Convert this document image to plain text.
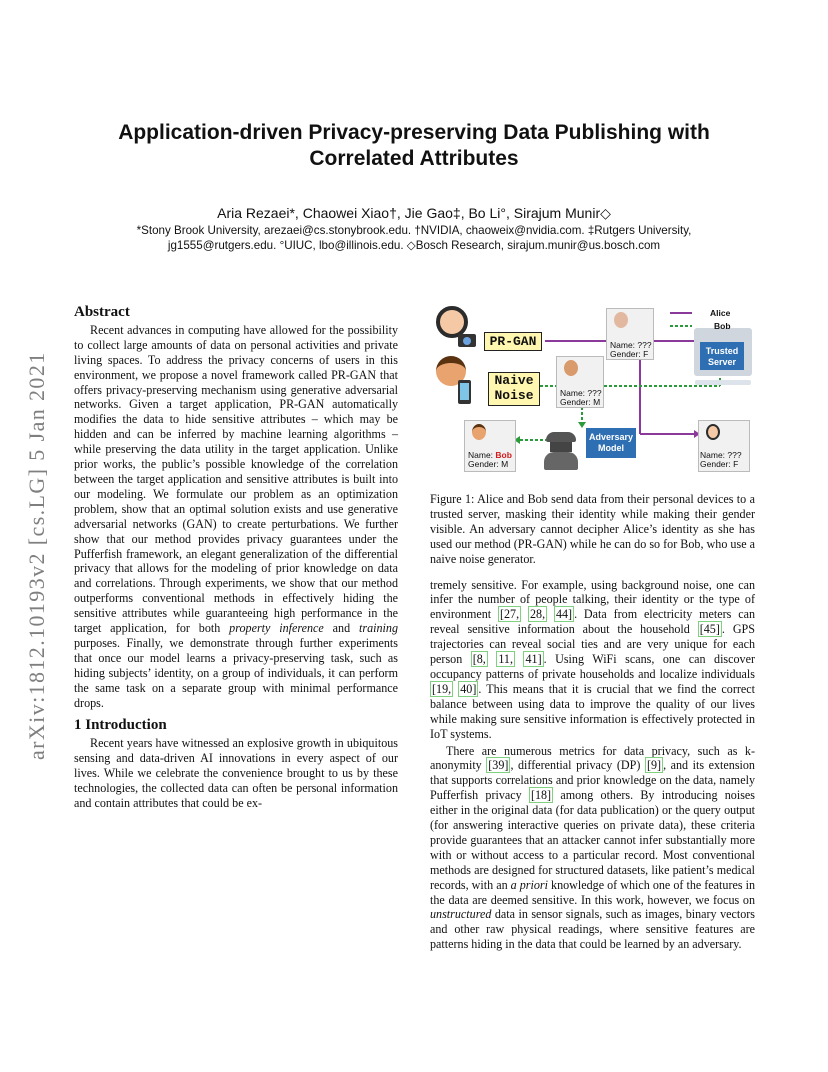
arXiv:1812.10193v2 [cs.LG] 5 Jan 2021
Application-driven Privacy-preserving Data Publishing with
Correlated Attributes
Aria Rezaei*, Chaowei Xiao†, Jie Gao‡, Bo Li°, Sirajum Munir◇
*Stony Brook University, arezaei@cs.stonybrook.edu. †NVIDIA, chaoweix@nvidia.com. ‡Rutgers University,
jg1555@rutgers.edu. °UIUC, lbo@illinois.edu. ◇Bosch Research, sirajum.munir@us.bosch.com
Abstract

Recent advances in computing have allowed for the possibility to collect large amounts of data on personal activities and private living spaces. To address the privacy concerns of users in this environment, we propose a novel framework called PR-GAN that offers privacy-preserving mechanism using generative adversarial networks. Given a target application, PR-GAN automatically modifies the data to hide sensitive attributes – which may be hidden and can be inferred by machine learning algorithms – while preserving the data utility in the target application. Unlike prior works, the public’s possible knowledge of the correlation between the target application and sensitive attributes is built into our modeling. We formulate our problem as an optimization problem, show that an optimal solution exists and use generative adversarial networks (GAN) to create perturbations. We further show that our method provides privacy guarantees under the Pufferfish framework, an elegant generalization of the differential privacy that allows for the modeling of prior knowledge on data and correlations. Through experiments, we show that our method outperforms conventional methods in effectively hiding the sensitive attributes while guaranteeing high performance in the target application, for both property inference and training purposes. Finally, we demonstrate through further experiments that once our model learns a privacy-preserving task, such as hiding subjects’ identity, on a group of individuals, it can perform the same task on a separate group with minimal performance drops.

1 Introduction

Recent years have witnessed an explosive growth in ubiquitous sensing and data-driven AI innovations in every aspect of our lives. While we celebrate the convenience brought to us by these technologies, the collected data can often be personal information and contain attributes that could be ex-

Alice
Bob
PR-GAN
Naive
Noise
Name: ???
Gender: F
Name: ???
Gender: M
Trusted
Server
Adversary
Model
Name: Bob
Gender: M
Name: ???
Gender: F

Figure 1: Alice and Bob send data from their personal devices to a trusted server, masking their identity while making their gender visible. An adversary cannot decipher Alice’s identity as she has used our method (PR-GAN) while he can do so for Bob, who use a naive noise generator.

tremely sensitive. For example, using background noise, one can infer the number of people talking, their identity or the type of environment [27, 28, 44] . Data from electricity meters can reveal sensitive information about the household [45] . GPS trajectories can reveal social ties and are very unique for each person [8, 11, 41] . Using WiFi scans, one can discover occupancy patterns of private households and localize individuals [19, 40] . This means that it is crucial that we find the correct balance between using data to improve the quality of our lives while making sure sensitive information is effectively protected in IoT systems.

There are numerous metrics for data privacy, such as k-anonymity [39] , differential privacy (DP) [9] , and its extension that supports correlations and prior knowledge on the data, namely Pufferfish privacy [18] among others. By introducing noises either in the original data (for data publication) or the query output (for answering interactive queries on private data), these criteria provide guarantees that an attacker cannot infer substantially more with or without access to a particular record. Most conventional methods are designed for structured datasets, like patient’s medical records, with an a priori knowledge of which one of the features in the data are deemed sensitive. In this work, however, we focus on unstructured data in sensor signals, such as images, binary vectors and other raw physical readings, where sensitive features are patterns hiding in the data that could be learned by an adversary.
